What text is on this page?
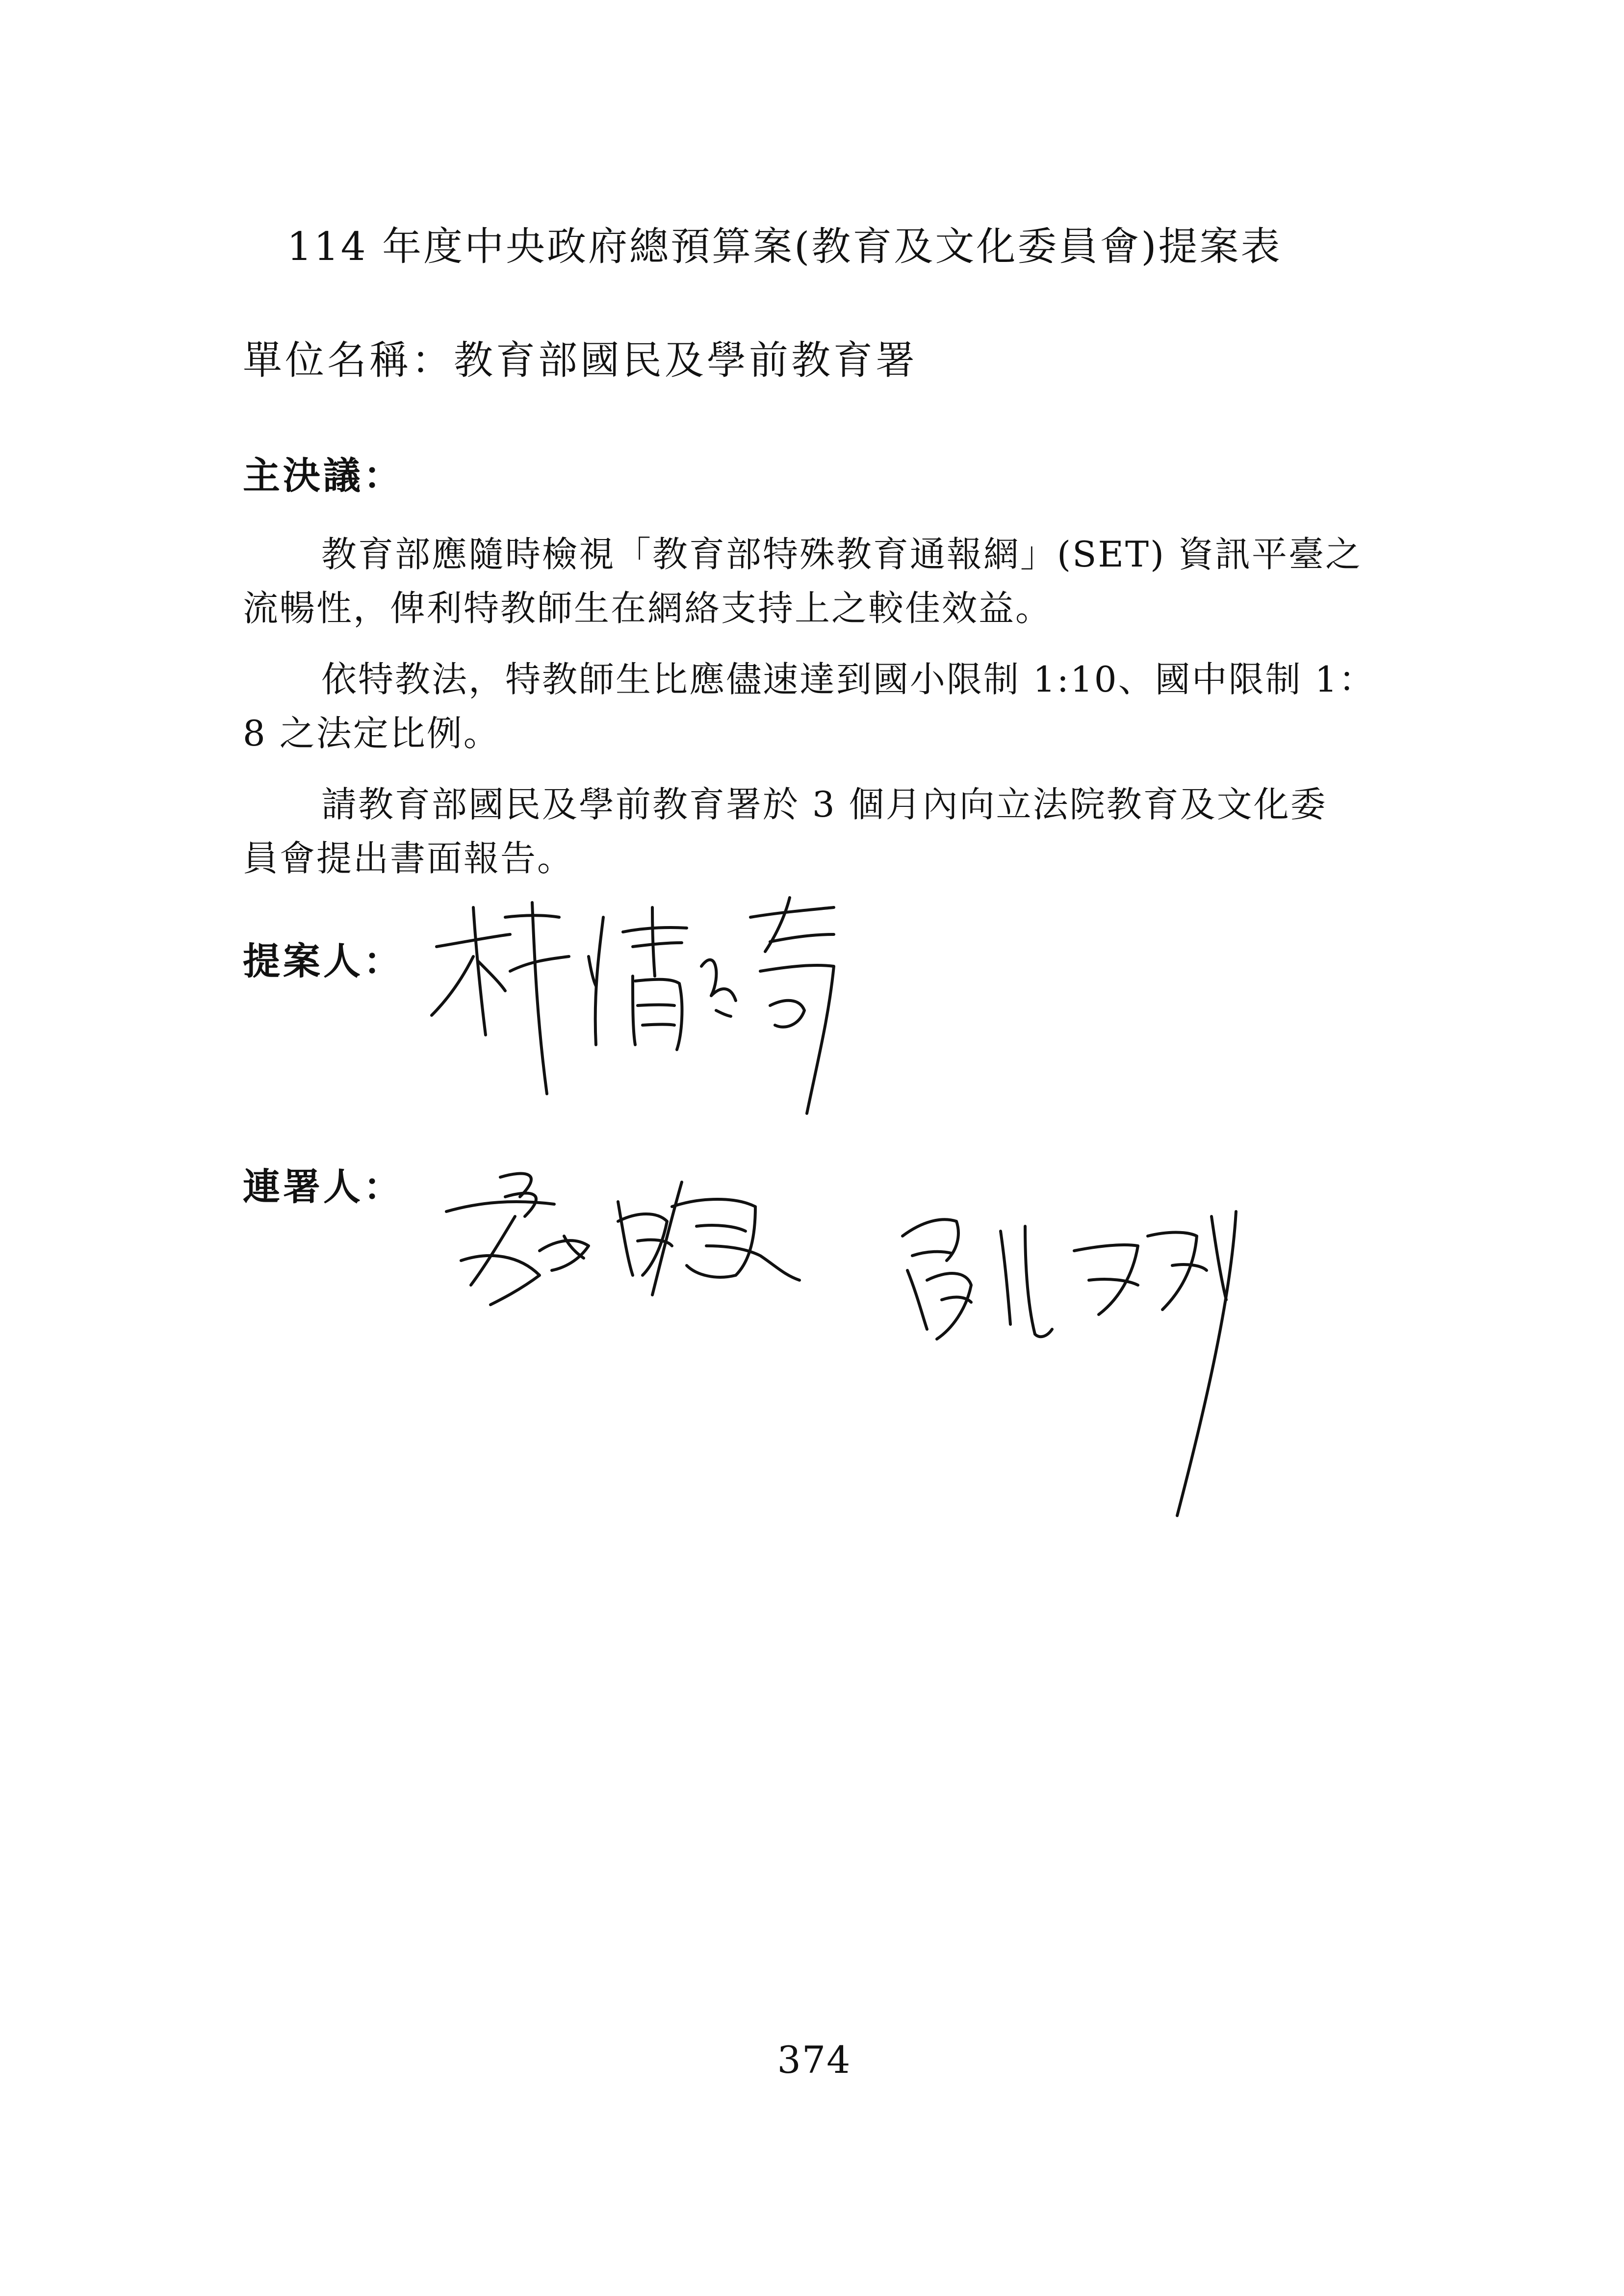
114 年度中央政府總預算案(教育及文化委員會)提案表
單位名稱：教育部國民及學前教育署
主決議：
教育部應隨時檢視「教育部特殊教育通報網」(SET) 資訊平臺之
流暢性，俾利特教師生在網絡支持上之較佳效益。
依特教法，特教師生比應儘速達到國小限制 1:10、國中限制 1：
8 之法定比例。
請教育部國民及學前教育署於 3 個月內向立法院教育及文化委
員會提出書面報告。
提案人：
連署人：
374
